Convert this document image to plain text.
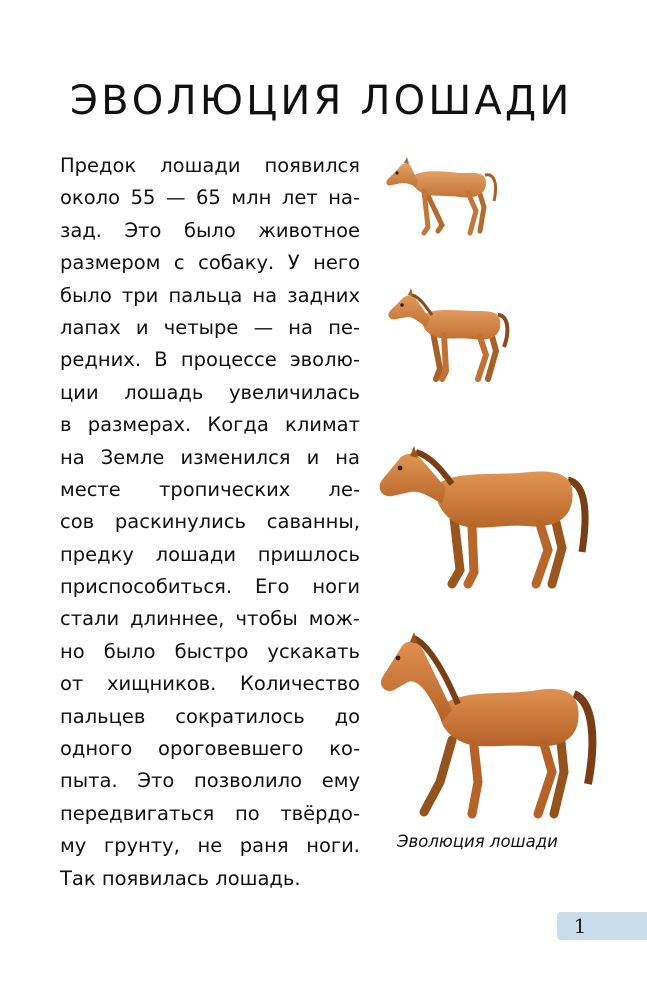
ЭВОЛЮЦИЯ ЛОШАДИ
Предок лошади появился
около 55 — 65 млн лет на-
зад. Это было животное
размером с собаку. У него
было три пальца на задних
лапах и четыре — на пе-
редних. В процессе эволю-
ции лошадь увеличилась
в размерах. Когда климат
на Земле изменился и на
месте тропических ле-
сов раскинулись саванны,
предку лошади пришлось
приспособиться. Его ноги
стали длиннее, чтобы мож-
но было быстро ускакать
от хищников. Количество
пальцев сократилось до
одного ороговевшего ко-
пыта. Это позволило ему
передвигаться по твёрдо-
му грунту, не раня ноги.
Так появилась лошадь.
Эволюция лошади
1
